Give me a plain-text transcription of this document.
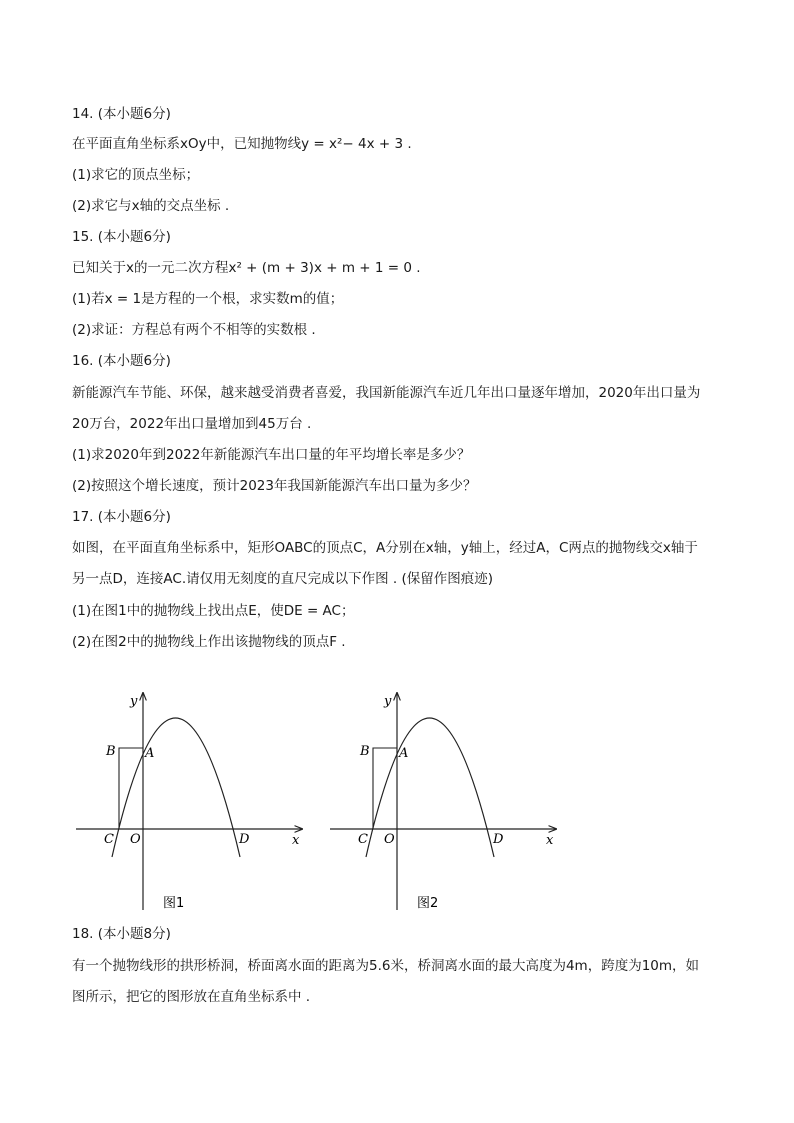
14. (本小题6分)
在平面直角坐标系xOy中，已知抛物线y = x²− 4x + 3 .
(1)求它的顶点坐标；
(2)求它与x轴的交点坐标 .
15. (本小题6分)
已知关于x的一元二次方程x² + (m + 3)x + m + 1 = 0 .
(1)若x = 1是方程的一个根，求实数m的值；
(2)求证：方程总有两个不相等的实数根 .
16. (本小题6分)
新能源汽车节能、环保，越来越受消费者喜爱，我国新能源汽车近几年出口量逐年增加，2020年出口量为
20万台，2022年出口量增加到45万台 .
(1)求2020年到2022年新能源汽车出口量的年平均增长率是多少？
(2)按照这个增长速度，预计2023年我国新能源汽车出口量为多少？
17. (本小题6分)
如图，在平面直角坐标系中，矩形OABC的顶点C，A分别在x轴，y轴上，经过A，C两点的抛物线交x轴于
另一点D，连接AC.请仅用无刻度的直尺完成以下作图 . (保留作图痕迹)
(1)在图1中的抛物线上找出点E，使DE = AC；
(2)在图2中的抛物线上作出该抛物线的顶点F .
y
B A
C O	D	x
图1
y
B A
C O	D	x
图2
18. (本小题8分)
有一个抛物线形的拱形桥洞，桥面离水面的距离为5.6米，桥洞离水面的最大高度为4m，跨度为10m，如
图所示，把它的图形放在直角坐标系中 .
